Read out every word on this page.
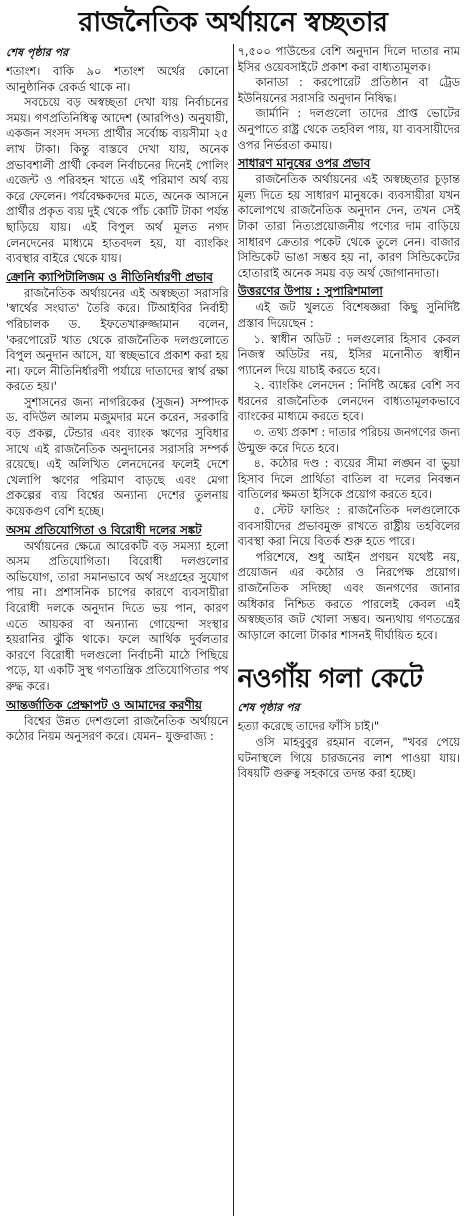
রাজনৈতিক অর্থায়নে স্বচ্ছতার
শেষ পৃষ্ঠার পর

শতাংশ। বাকি ৯০ শতাংশ অর্থের কোনো আনুষ্ঠানিক রেকর্ড থাকে না।

সবচেয়ে বড় অস্বচ্ছতা দেখা যায় নির্বাচনের সময়। গণপ্রতিনিধিত্ব আদেশ (আরপিও) অনুযায়ী, একজন সংসদ সদস্য প্রার্থীর সর্বোচ্চ ব্যয়সীমা ২৫ লাখ টাকা। কিন্তু বাস্তবে দেখা যায়, অনেক প্রভাবশালী প্রার্থী কেবল নির্বাচনের দিনেই পোলিং এজেন্ট ও পরিবহন খাতে এই পরিমাণ অর্থ ব্যয় করে ফেলেন। পর্যবেক্ষকদের মতে, অনেক আসনে প্রার্থীর প্রকৃত ব্যয় দুই থেকে পাঁচ কোটি টাকা পর্যন্ত ছাড়িয়ে যায়। এই বিপুল অর্থ মূলত নগদ লেনদেনের মাধ্যমে হাতবদল হয়, যা ব্যাংকিং ব্যবস্থার বাইরে থেকে যায়।

ক্রোনি ক্যাপিটালিজম ও নীতিনির্ধারণী প্রভাব

রাজনৈতিক অর্থায়নের এই অস্বচ্ছতা সরাসরি 'স্বার্থের সংঘাত' তৈরি করে। টিআইবির নির্বাহী পরিচালক ড. ইফতেখারুজ্জামান বলেন, 'করপোরেট খাত থেকে রাজনৈতিক দলগুলোতে বিপুল অনুদান আসে, যা স্বচ্ছভাবে প্রকাশ করা হয় না। ফলে নীতিনির্ধারণী পর্যায়ে দাতাদের স্বার্থ রক্ষা করতে হয়।'

সুশাসনের জন্য নাগরিকের (সুজন) সম্পাদক ড. বদিউল আলম মজুমদার মনে করেন, সরকারি বড় প্রকল্প, টেন্ডার এবং ব্যাংক ঋণের সুবিধার সাথে এই রাজনৈতিক অনুদানের সরাসরি সম্পর্ক রয়েছে। এই অলিখিত লেনদেনের ফলেই দেশে খেলাপি ঋণের পরিমাণ বাড়ছে এবং মেগা প্রকল্পের ব্যয় বিশ্বের অন্যান্য দেশের তুলনায় কয়েকগুণ বেশি হচ্ছে।

অসম প্রতিযোগিতা ও বিরোধী দলের সঙ্কট

অর্থায়নের ক্ষেত্রে আরেকটি বড় সমস্যা হলো অসম প্রতিযোগিতা। বিরোধী দলগুলোর অভিযোগ, তারা সমানভাবে অর্থ সংগ্রহের সুযোগ পায় না। প্রশাসনিক চাপের কারণে ব্যবসায়ীরা বিরোধী দলকে অনুদান দিতে ভয় পান, কারণ এতে আয়কর বা অন্যান্য গোয়েন্দা সংস্থার হয়রানির ঝুঁকি থাকে। ফলে আর্থিক দুর্বলতার কারণে বিরোধী দলগুলো নির্বাচনী মাঠে পিছিয়ে পড়ে, যা একটি সুস্থ গণতান্ত্রিক প্রতিযোগিতার পথ রুদ্ধ করে।

আন্তর্জাতিক প্রেক্ষাপট ও আমাদের করণীয়

বিশ্বের উন্নত দেশগুলো রাজনৈতিক অর্থায়নে কঠোর নিয়ম অনুসরণ করে। যেমন– যুক্তরাজ্য :

৭,৫০০ পাউন্ডের বেশি অনুদান দিলে দাতার নাম ইসির ওয়েবসাইটে প্রকাশ করা বাধ্যতামূলক।

কানাডা : করপোরেট প্রতিষ্ঠান বা ট্রেড ইউনিয়নের সরাসরি অনুদান নিষিদ্ধ।

জার্মানি : দলগুলো তাদের প্রাপ্ত ভোটের অনুপাতে রাষ্ট্র থেকে তহবিল পায়, যা ব্যবসায়ীদের ওপর নির্ভরতা কমায়।

সাধারণ মানুষের ওপর প্রভাব

রাজনৈতিক অর্থায়নের এই অস্বচ্ছতার চূড়ান্ত মূল্য দিতে হয় সাধারণ মানুষকে। ব্যবসায়ীরা যখন কালোপথে রাজনৈতিক অনুদান দেন, তখন সেই টাকা তারা নিত্যপ্রয়োজনীয় পণ্যের দাম বাড়িয়ে সাধারণ ক্রেতার পকেট থেকে তুলে নেন। বাজার সিন্ডিকেট ভাঙা সম্ভব হয় না, কারণ সিন্ডিকেটের হোতারাই অনেক সময় বড় অর্থ জোগানদাতা।

উত্তরণের উপায় : সুপারিশমালা

এই জট খুলতে বিশেষজ্ঞরা কিছু সুনির্দিষ্ট প্রস্তাব দিয়েছেন :

১. স্বাধীন অডিট : দলগুলোর হিসাব কেবল নিজস্ব অডিটর নয়, ইসির মনোনীত স্বাধীন প্যানেল দিয়ে যাচাই করতে হবে।

২. ব্যাংকিং লেনদেন : নির্দিষ্ট অঙ্কের বেশি সব ধরনের রাজনৈতিক লেনদেন বাধ্যতামূলকভাবে ব্যাংকের মাধ্যমে করতে হবে।

৩. তথ্য প্রকাশ : দাতার পরিচয় জনগণের জন্য উন্মুক্ত করে দিতে হবে।

৪. কঠোর দণ্ড : ব্যয়ের সীমা লঙ্ঘন বা ভুয়া হিসাব দিলে প্রার্থিতা বাতিল বা দলের নিবন্ধন বাতিলের ক্ষমতা ইসিকে প্রয়োগ করতে হবে।

৫. স্টেট ফান্ডিং : রাজনৈতিক দলগুলোকে ব্যবসায়ীদের প্রভাবমুক্ত রাখতে রাষ্ট্রীয় তহবিলের ব্যবস্থা করা নিয়ে বিতর্ক শুরু হতে পারে।

পরিশেষে, শুধু আইন প্রণয়ন যথেষ্ট নয়, প্রয়োজন এর কঠোর ও নিরপেক্ষ প্রয়োগ। রাজনৈতিক সদিচ্ছা এবং জনগণের জানার অধিকার নিশ্চিত করতে পারলেই কেবল এই অস্বচ্ছতার জট খোলা সম্ভব। অন্যথায় গণতন্ত্রের আড়ালে কালো টাকার শাসনই দীর্ঘায়িত হবে।

নওগাঁয় গলা কেটে
শেষ পৃষ্ঠার পর

হত্যা করেছে তাদের ফাঁসি চাই।"

ওসি মাহবুবুর রহমান বলেন, "খবর পেয়ে ঘটনাস্থলে গিয়ে চারজনের লাশ পাওয়া যায়। বিষয়টি গুরুত্ব সহকারে তদন্ত করা হচ্ছে।
